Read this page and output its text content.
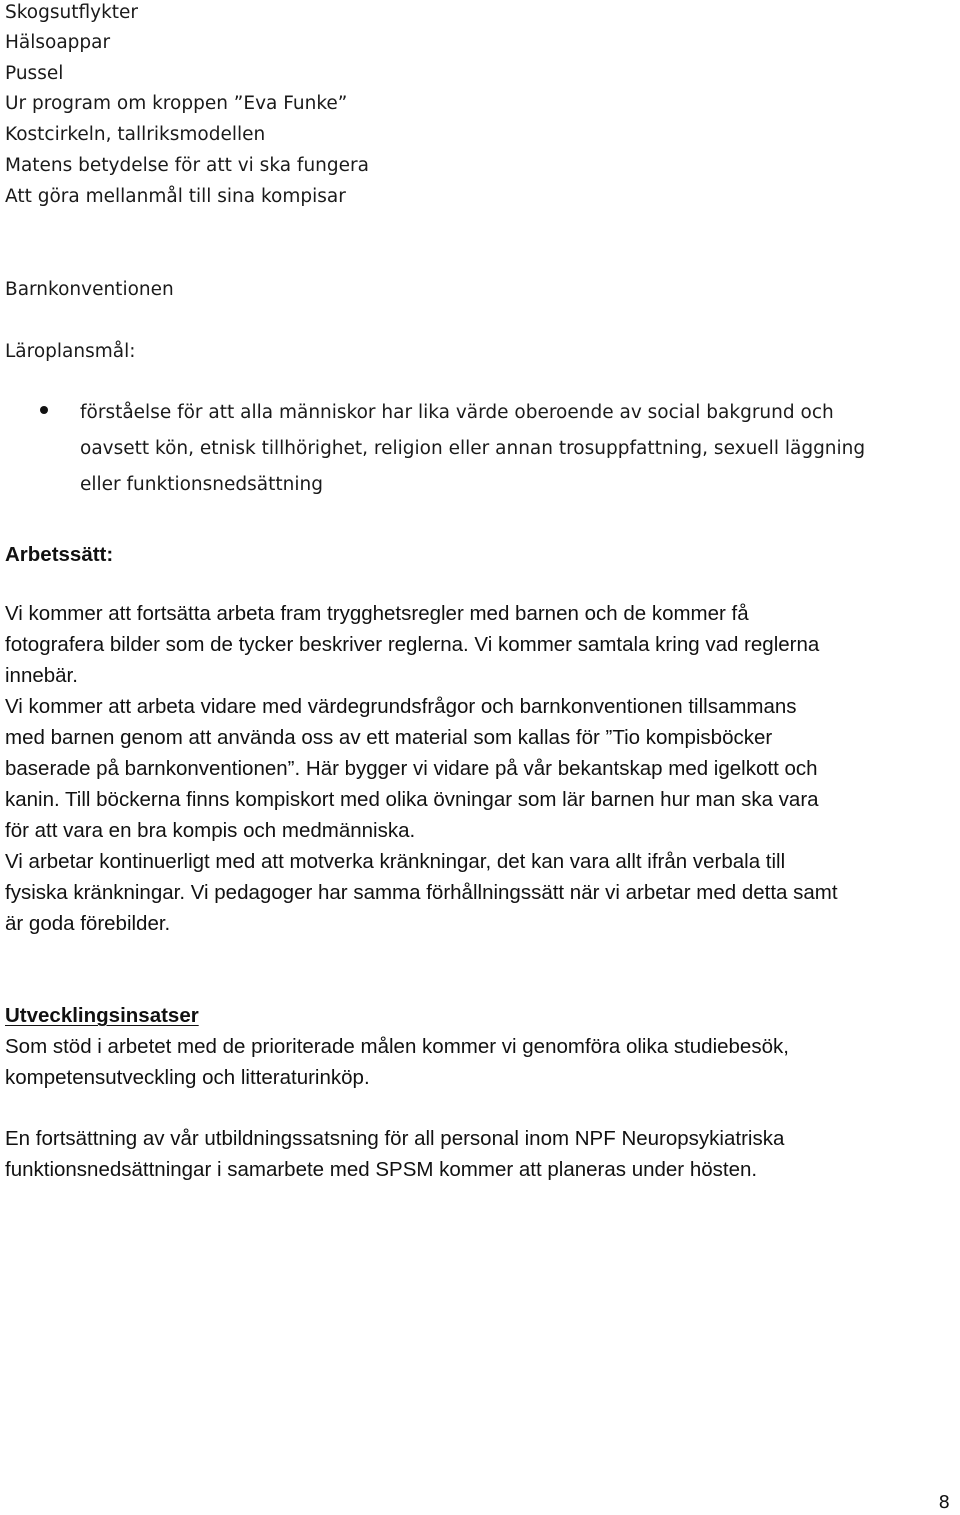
Skogsutflykter

Hälsoappar

Pussel

Ur program om kroppen ”Eva Funke”

Kostcirkeln, tallriksmodellen

Matens betydelse för att vi ska fungera

Att göra mellanmål till sina kompisar

Barnkonventionen

Läroplansmål:

förståelse för att alla människor har lika värde oberoende av social bakgrund och

oavsett kön, etnisk tillhörighet, religion eller annan trosuppfattning, sexuell läggning

eller funktionsnedsättning

Arbetssätt:

Vi kommer att fortsätta arbeta fram trygghetsregler med barnen och de kommer få

fotografera bilder som de tycker beskriver reglerna. Vi kommer samtala kring vad reglerna

innebär.

Vi kommer att arbeta vidare med värdegrundsfrågor och barnkonventionen tillsammans

med barnen genom att använda oss av ett material som kallas för ”Tio kompisböcker

baserade på barnkonventionen”. Här bygger vi vidare på vår bekantskap med igelkott och

kanin. Till böckerna finns kompiskort med olika övningar som lär barnen hur man ska vara

för att vara en bra kompis och medmänniska.

Vi arbetar kontinuerligt med att motverka kränkningar, det kan vara allt ifrån verbala till

fysiska kränkningar. Vi pedagoger har samma förhållningssätt när vi arbetar med detta samt

är goda förebilder.

Utvecklingsinsatser

Som stöd i arbetet med de prioriterade målen kommer vi genomföra olika studiebesök,

kompetensutveckling och litteraturinköp.

En fortsättning av vår utbildningssatsning för all personal inom NPF Neuropsykiatriska

funktionsnedsättningar i samarbete med SPSM kommer att planeras under hösten.

8
